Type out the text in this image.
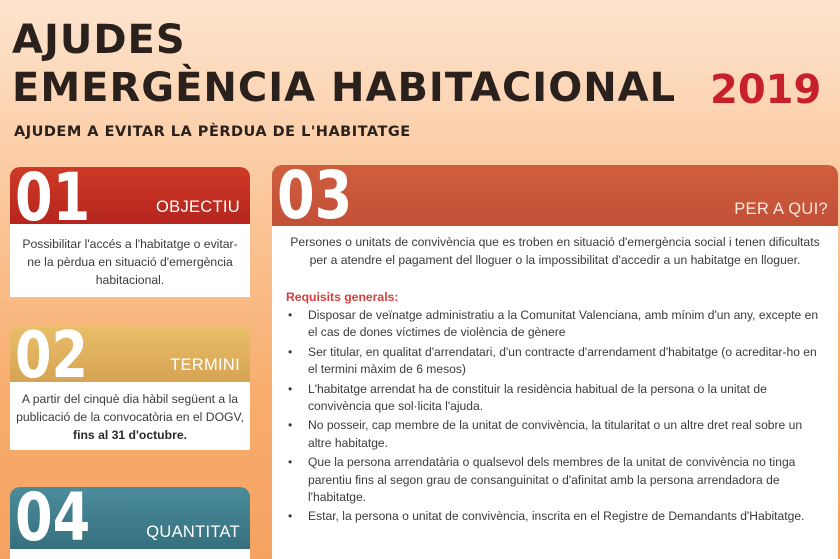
AJUDES
EMERGÈNCIA HABITACIONAL 2019
AJUDEM A EVITAR LA PÈRDUA DE L'HABITATGE
01	OBJECTIU
Possibilitar l'accés a l'habitatge o evitar-ne la pèrdua en situació d'emergència habitacional.
02	TERMINI
A partir del cinquè dia hàbil següent a la publicació de la convocatòria en el DOGV, fins al 31 d'octubre.
04	QUANTITAT
03	PER A QUI?
Persones o unitats de convivència que es troben en situació d'emergència social i tenen dificultats per a atendre el pagament del lloguer o la impossibilitat d'accedir a un habitatge en lloguer.
Requisits generals:
• Disposar de veïnatge administratiu a la Comunitat Valenciana, amb mínim d'un any, excepte en el cas de dones víctimes de violència de gènere
• Ser titular, en qualitat d'arrendatari, d'un contracte d'arrendament d'habitatge (o acreditar-ho en el termini màxim de 6 mesos)
• L'habitatge arrendat ha de constituir la residència habitual de la persona o la unitat de convivència que sol·licita l'ajuda.
• No posseir, cap membre de la unitat de convivència, la titularitat o un altre dret real sobre un altre habitatge.
• Que la persona arrendatària o qualsevol dels membres de la unitat de convivència no tinga parentiu fins al segon grau de consanguinitat o d'afinitat amb la persona arrendadora de l'habitatge.
• Estar, la persona o unitat de convivència, inscrita en el Registre de Demandants d'Habitatge.
